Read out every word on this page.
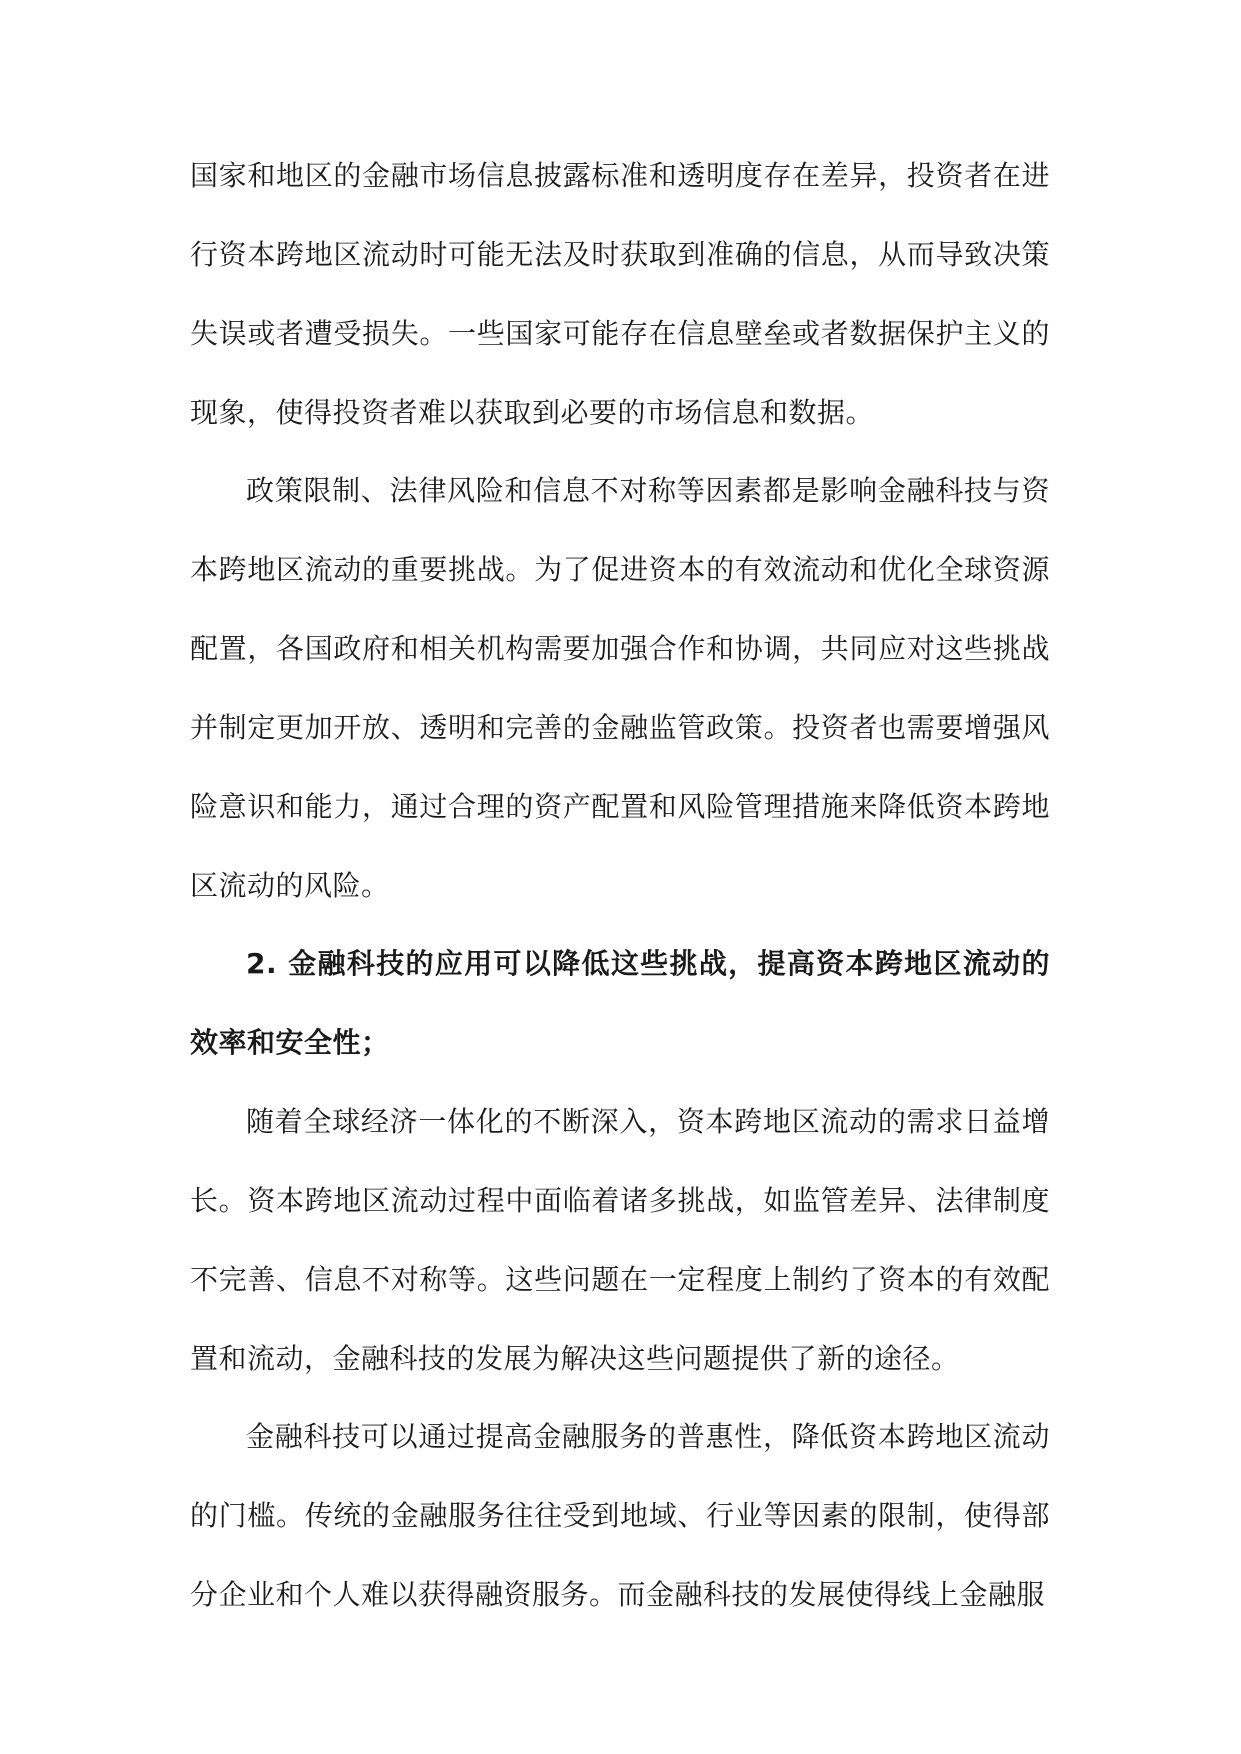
国家和地区的金融市场信息披露标准和透明度存在差异，投资者在进行资本跨地区流动时可能无法及时获取到准确的信息，从而导致决策失误或者遭受损失。一些国家可能存在信息壁垒或者数据保护主义的现象，使得投资者难以获取到必要的市场信息和数据。

政策限制、法律风险和信息不对称等因素都是影响金融科技与资本跨地区流动的重要挑战。为了促进资本的有效流动和优化全球资源配置，各国政府和相关机构需要加强合作和协调，共同应对这些挑战并制定更加开放、透明和完善的金融监管政策。投资者也需要增强风险意识和能力，通过合理的资产配置和风险管理措施来降低资本跨地区流动的风险。

2. 金融科技的应用可以降低这些挑战，提高资本跨地区流动的效率和安全性；

随着全球经济一体化的不断深入，资本跨地区流动的需求日益增长。资本跨地区流动过程中面临着诸多挑战，如监管差异、法律制度不完善、信息不对称等。这些问题在一定程度上制约了资本的有效配置和流动，金融科技的发展为解决这些问题提供了新的途径。

金融科技可以通过提高金融服务的普惠性，降低资本跨地区流动的门槛。传统的金融服务往往受到地域、行业等因素的限制，使得部分企业和个人难以获得融资服务。而金融科技的发展使得线上金融服
